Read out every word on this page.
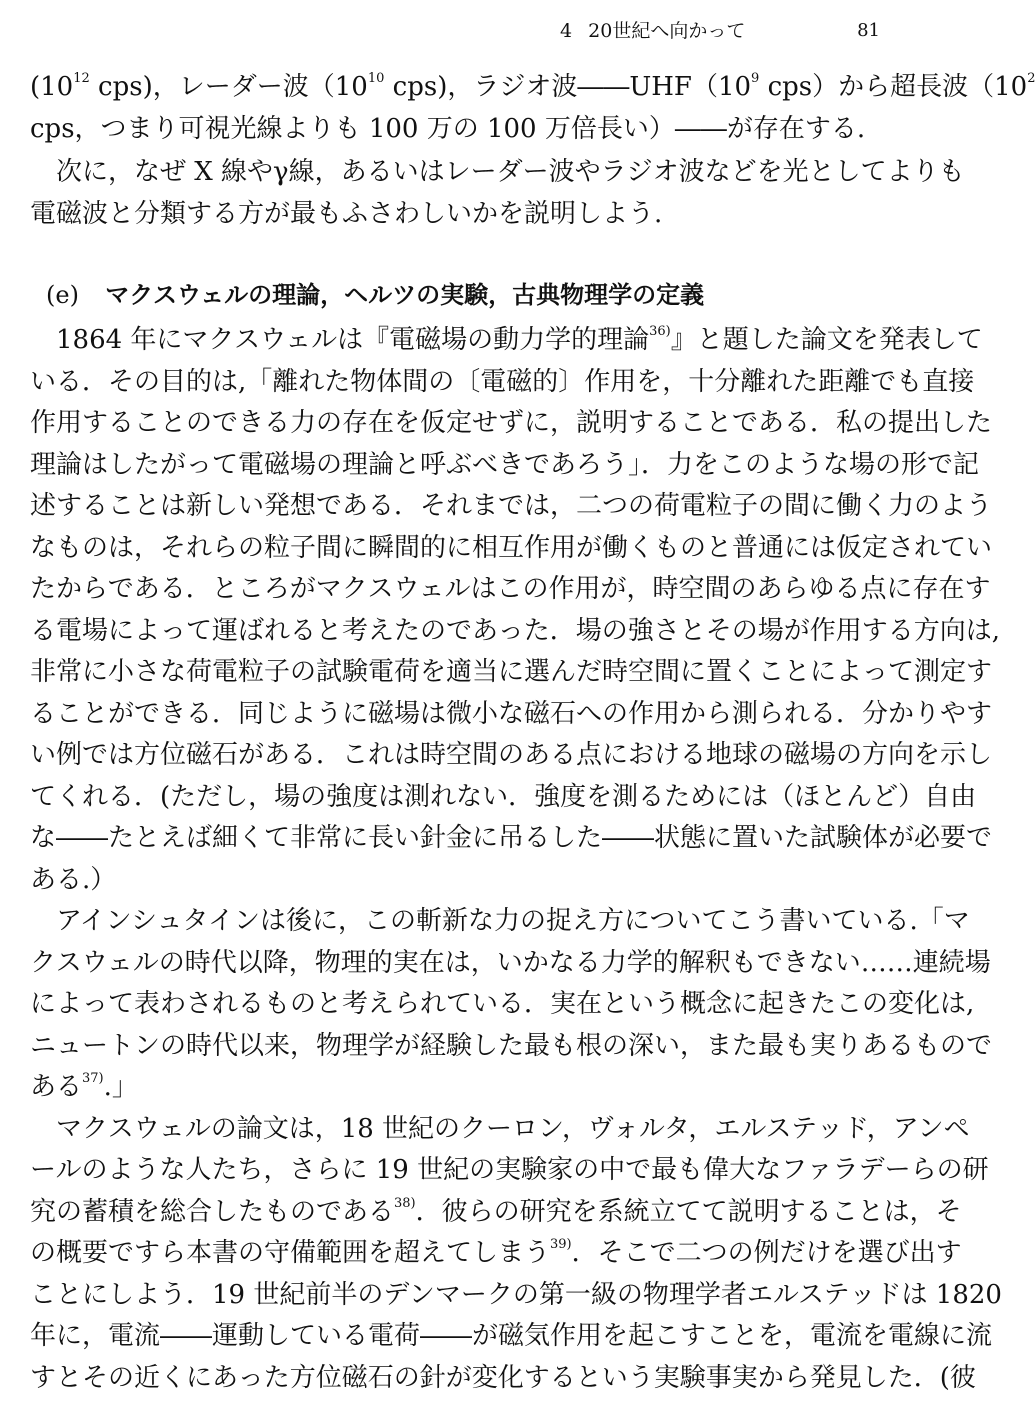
4 20世紀へ向かって	81
(e) マクスウェルの理論，ヘルツの実験，古典物理学の定義
($10^{12}$ cps)，レーダー波（$10^{10}$ cps)，ラジオ波$――UHF(10^9$ cps）から超長波（$10^2$
cps，つまり可視光線よりも 100 万の 100 万倍長い）――が存在する.
次に，なぜ X 線やγ線，あるいはレーダー波やラジオ波などを光としてよりも
電磁波と分類する方が最もふさわしいかを説明しよう.
1864 年にマクスウェルは『電磁場の動力学的理論$^{36)}$』と題した論文を発表して
いる．その目的は,「離れた物体間の〔電磁的〕作用を，十分離れた距離でも直接
作用することのできる力の存在を仮定せずに，説明することである．私の提出した
理論はしたがって電磁場の理論と呼ぶべきであろう」．力をこのような場の形で記
述することは新しい発想である．それまでは，二つの荷電粒子の間に働く力のよう
なものは，それらの粒子間に瞬間的に相互作用が働くものと普通には仮定されてい
たからである．ところがマクスウェルはこの作用が，時空間のあらゆる点に存在す
る電場によって運ばれると考えたのであった．場の強さとその場が作用する方向は,
非常に小さな荷電粒子の試験電荷を適当に選んだ時空間に置くことによって測定す
ることができる．同じように磁場は微小な磁石への作用から測られる．分かりやす
い例では方位磁石がある．これは時空間のある点における地球の磁場の方向を示し
てくれる．(ただし，場の強度は測れない．強度を測るためには（ほとんど）自由
な――たとえば細くて非常に長い針金に吊るした――状態に置いた試験体が必要で
ある.）
アインシュタインは後に，この斬新な力の捉え方についてこう書いている.「マ
クスウェルの時代以降，物理的実在は，いかなる力学的解釈もできない……連続場
によって表わされるものと考えられている．実在という概念に起きたこの変化は,
ニュートンの時代以来，物理学が経験した最も根の深い，また最も実りあるもので
ある$^{37)}$.」
マクスウェルの論文は，18 世紀のクーロン，ヴォルタ，エルステッド，アンペ
ールのような人たち，さらに 19 世紀の実験家の中で最も偉大なファラデーらの研
究の蓄積を総合したものである$^{38)}$．彼らの研究を系統立てて説明することは，そ
の概要ですら本書の守備範囲を超えてしまう$^{39)}$．そこで二つの例だけを選び出す
ことにしよう．19 世紀前半のデンマークの第一級の物理学者エルステッドは 1820
年に，電流――運動している電荷――が磁気作用を起こすことを，電流を電線に流
すとその近くにあった方位磁石の針が変化するという実験事実から発見した．(彼
